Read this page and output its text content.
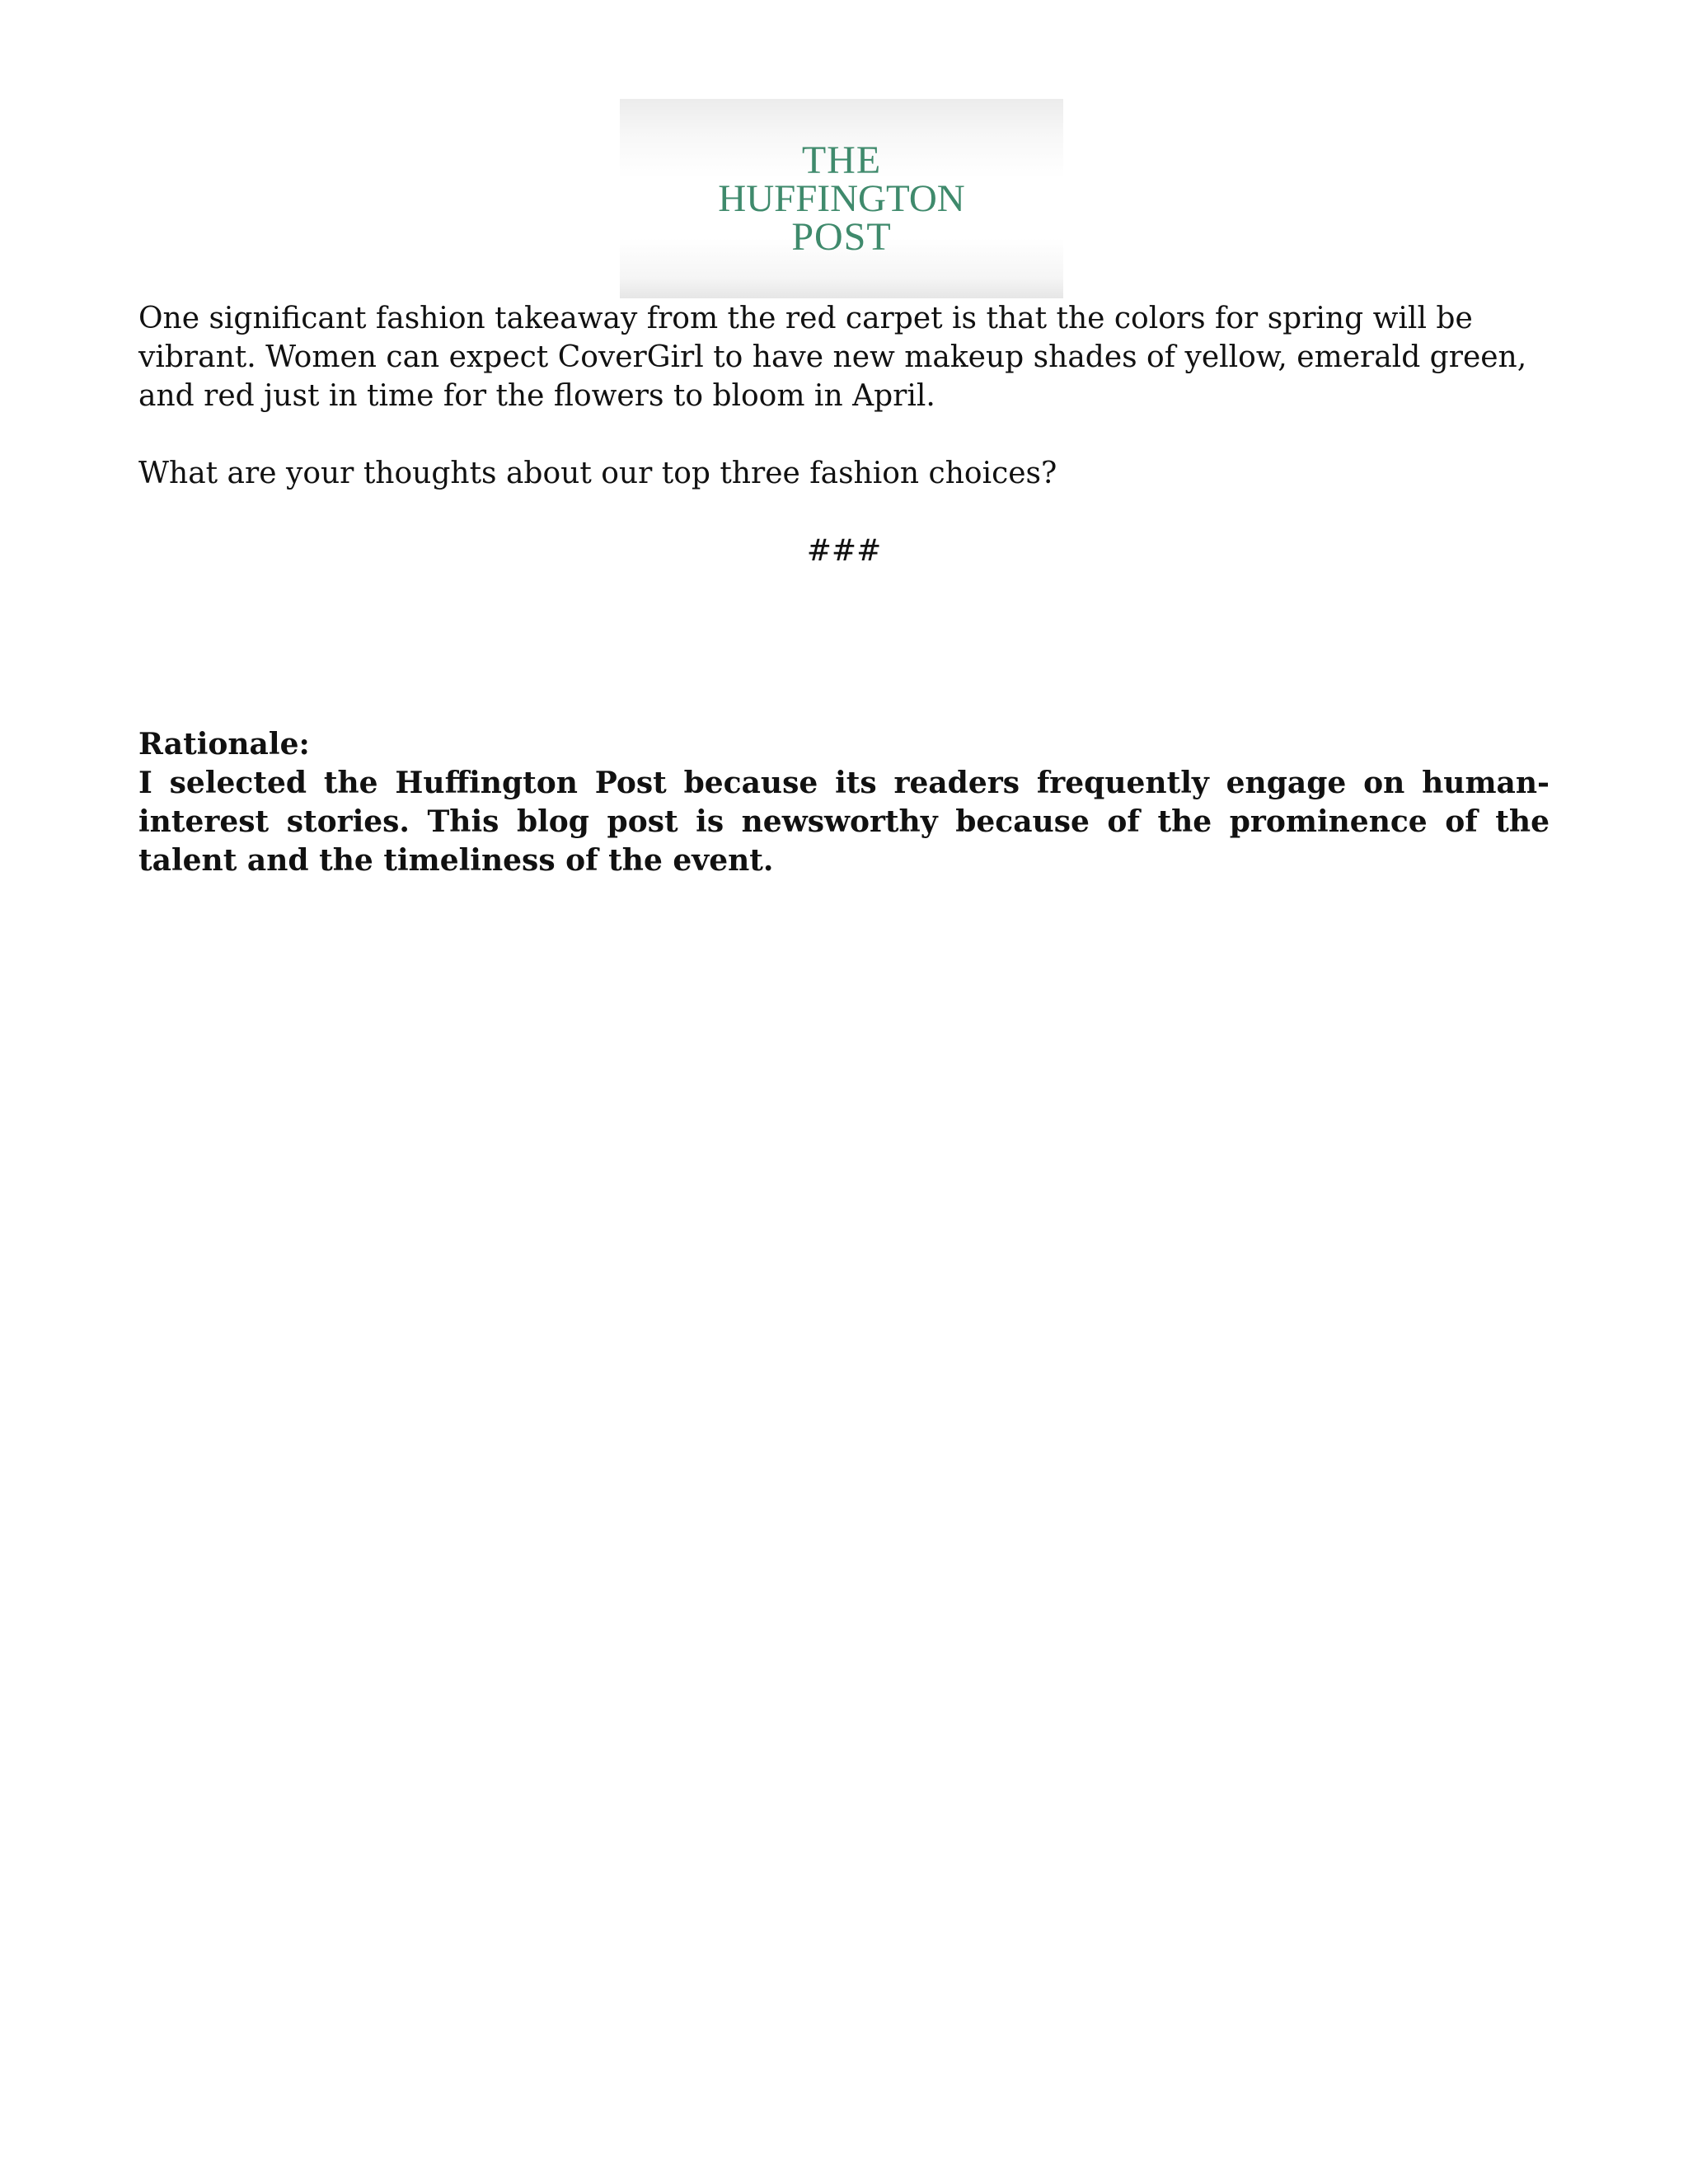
THE
HUFFINGTON
POST

One significant fashion takeaway from the red carpet is that the colors for spring will be vibrant. Women can expect CoverGirl to have new makeup shades of yellow, emerald green, and red just in time for the flowers to bloom in April.

What are your thoughts about our top three fashion choices?

###

Rationale:

I selected the Huffington Post because its readers frequently engage on human-interest stories. This blog post is newsworthy because of the prominence of the talent and the timeliness of the event.
